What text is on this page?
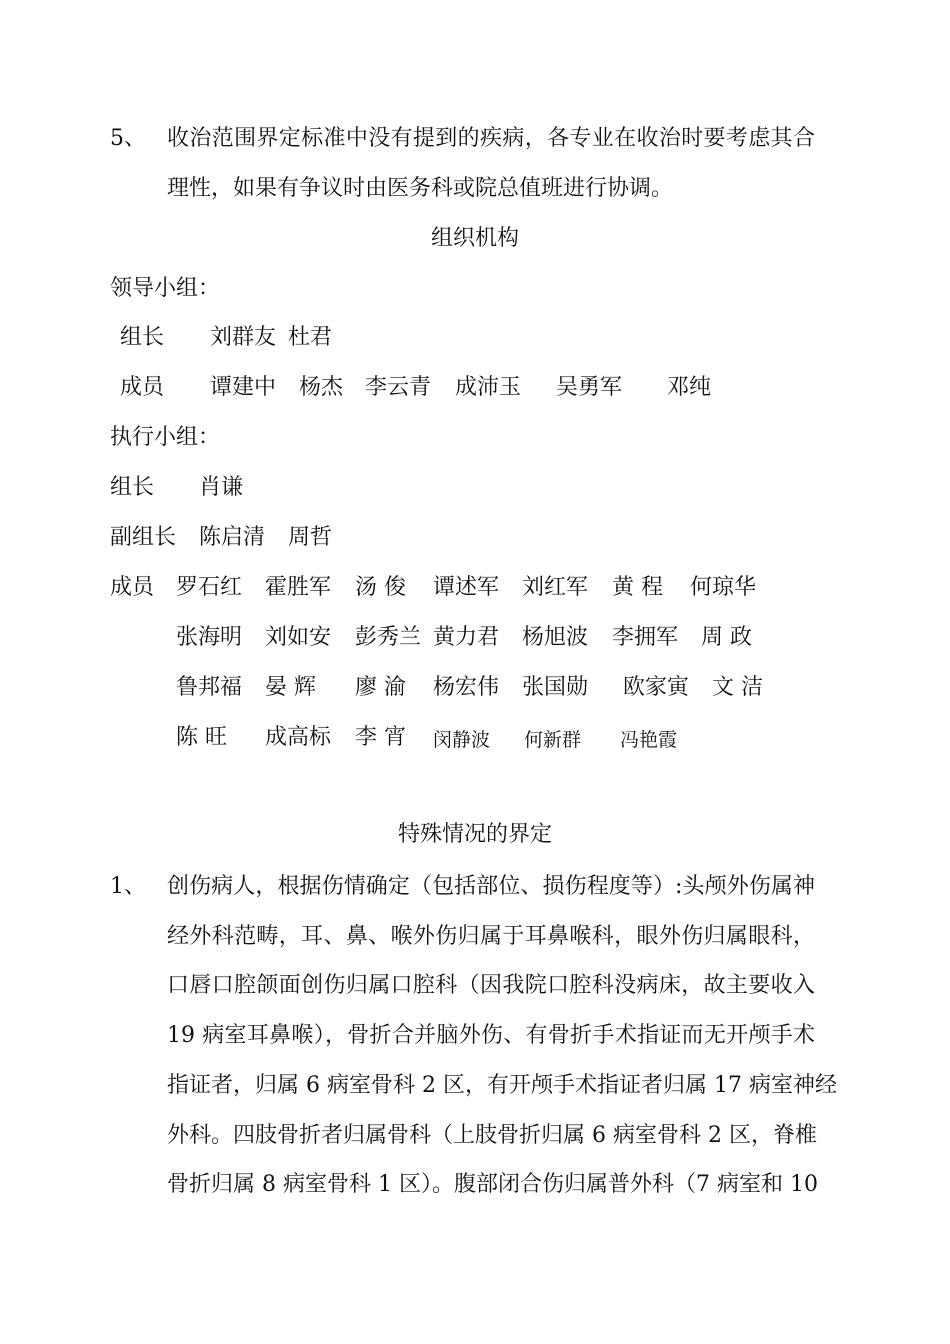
5、 收治范围界定标准中没有提到的疾病，各专业在收治时要考虑其合
理性，如果有争议时由医务科或院总值班进行协调。
组织机构
领导小组：
组长 刘群友 杜君
成员 谭建中 杨杰 李云青 成沛玉 吴勇军 邓纯
执行小组：
组长 肖谦
副组长 陈启清 周哲
成员 罗石红 霍胜军 汤 俊 谭述军 刘红军 黄 程 何琼华
张海明 刘如安 彭秀兰 黄力君 杨旭波 李拥军 周 政
鲁邦福 晏 辉 廖 渝 杨宏伟 张国勋 欧家寅 文 洁
陈 旺 成高标 李 宵 闵静波 何新群 冯艳霞
特殊情况的界定
1、 创伤病人，根据伤情确定（包括部位、损伤程度等）:头颅外伤属神
经外科范畴，耳、鼻、喉外伤归属于耳鼻喉科，眼外伤归属眼科，
口唇口腔颌面创伤归属口腔科（因我院口腔科没病床，故主要收入
19 病室耳鼻喉），骨折合并脑外伤、有骨折手术指证而无开颅手术
指证者，归属 6 病室骨科 2 区，有开颅手术指证者归属 17 病室神经
外科。四肢骨折者归属骨科（上肢骨折归属 6 病室骨科 2 区，脊椎
骨折归属 8 病室骨科 1 区）。腹部闭合伤归属普外科（7 病室和 10
